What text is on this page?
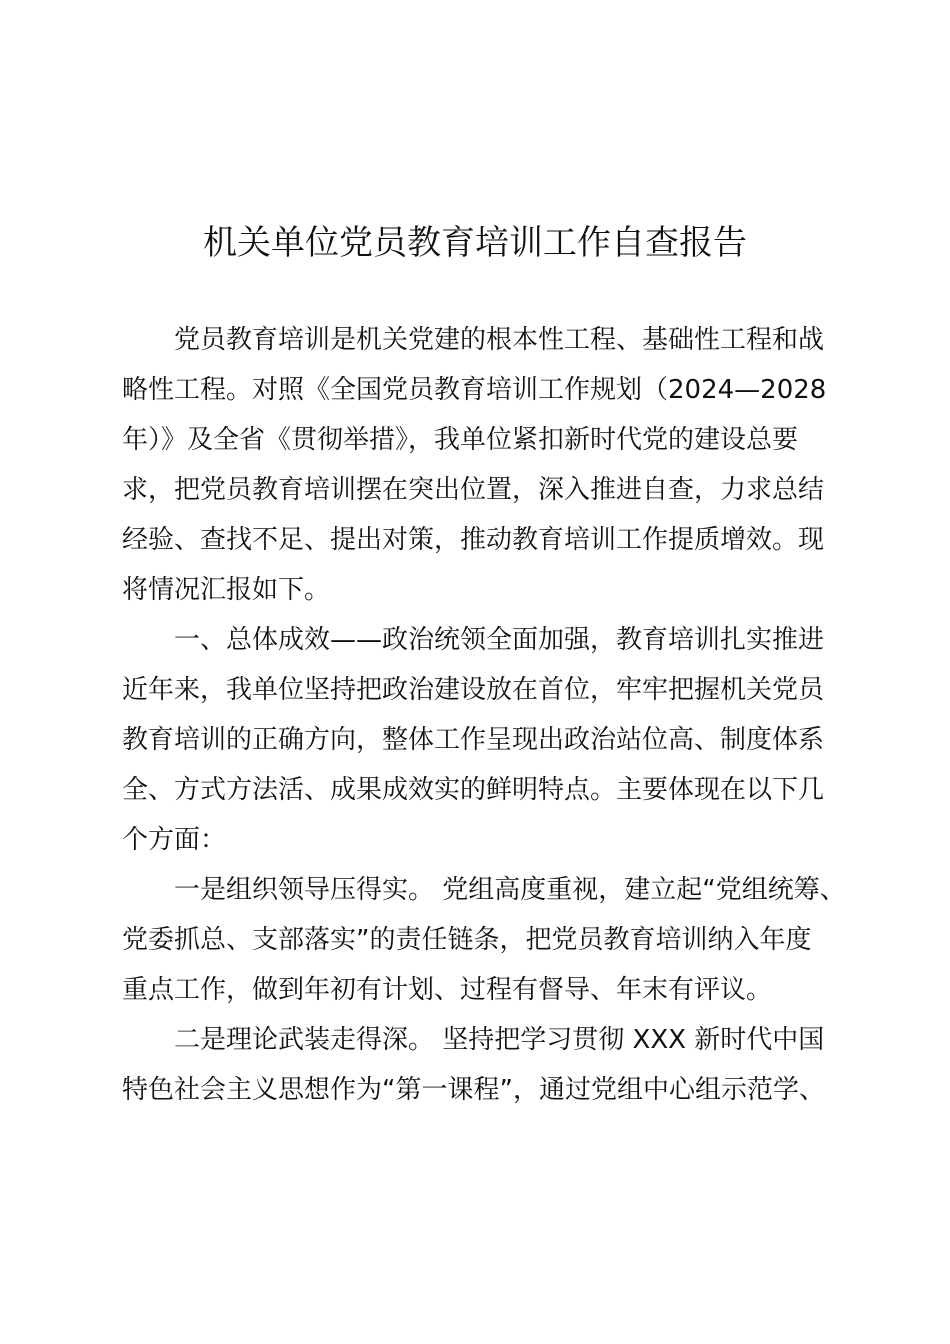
机关单位党员教育培训工作自查报告

党员教育培训是机关党建的根本性工程、基础性工程和战

略性工程。对照《全国党员教育培训工作规划（2024—2028

年）》及全省《贯彻举措》，我单位紧扣新时代党的建设总要

求，把党员教育培训摆在突出位置，深入推进自查，力求总结

经验、查找不足、提出对策，推动教育培训工作提质增效。现

将情况汇报如下。

一、总体成效——政治统领全面加强，教育培训扎实推进

近年来，我单位坚持把政治建设放在首位，牢牢把握机关党员

教育培训的正确方向，整体工作呈现出政治站位高、制度体系

全、方式方法活、成果成效实的鲜明特点。主要体现在以下几

个方面：

一是组织领导压得实。 党组高度重视，建立起“党组统筹、

党委抓总、支部落实”的责任链条，把党员教育培训纳入年度

重点工作，做到年初有计划、过程有督导、年末有评议。

二是理论武装走得深。 坚持把学习贯彻 XXX 新时代中国

特色社会主义思想作为“第一课程”，通过党组中心组示范学、
